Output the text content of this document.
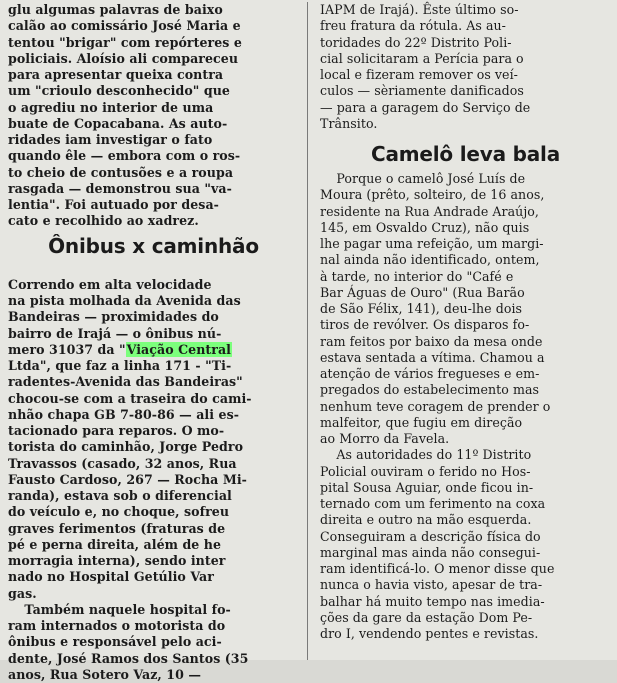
glu algumas palavras de baixo
calão ao comissário José Maria e
tentou "brigar" com repórteres e
policiais. Aloísio ali compareceu
para apresentar queixa contra
um "crioulo desconhecido" que
o agrediu no interior de uma
buate de Copacabana. As auto-
ridades iam investigar o fato
quando êle — embora com o ros-
to cheio de contusões e a roupa
rasgada — demonstrou sua "va-
lentia". Foi autuado por desa-
cato e recolhido ao xadrez.

Ônibus x caminhão

Correndo em alta velocidade
na pista molhada da Avenida das
Bandeiras — proximidades do
bairro de Irajá — o ônibus nú-
mero 31037 da "Viação Central
Ltda", que faz a linha 171 - "Ti-
radentes-Avenida das Bandeiras"
chocou-se com a traseira do cami-
nhão chapa GB 7-80-86 — ali es-
tacionado para reparos. O mo-
torista do caminhão, Jorge Pedro
Travassos (casado, 32 anos, Rua
Fausto Cardoso, 267 — Rocha Mi-
randa), estava sob o diferencial
do veículo e, no choque, sofreu
graves ferimentos (fraturas de
pé e perna direita, além de he
morragia interna), sendo inter
nado no Hospital Getúlio Var
gas.

Também naquele hospital fo-
ram internados o motorista do
ônibus e responsável pelo aci-
dente, José Ramos dos Santos (35
anos, Rua Sotero Vaz, 10 —

IAPM de Irajá). Êste último so-
freu fratura da rótula. As au-
toridades do 22º Distrito Poli-
cial solicitaram a Perícia para o
local e fizeram remover os veí-
culos — sèriamente danificados
— para a garagem do Serviço de
Trânsito.

Camelô leva bala

Porque o camelô José Luís de
Moura (prêto, solteiro, de 16 anos,
residente na Rua Andrade Araújo,
145, em Osvaldo Cruz), não quis
lhe pagar uma refeição, um margi-
nal ainda não identificado, ontem,
à tarde, no interior do "Café e
Bar Águas de Ouro" (Rua Barão
de São Félix, 141), deu-lhe dois
tiros de revólver. Os disparos fo-
ram feitos por baixo da mesa onde
estava sentada a vítima. Chamou a
atenção de vários fregueses e em-
pregados do estabelecimento mas
nenhum teve coragem de prender o
malfeitor, que fugiu em direção
ao Morro da Favela.

As autoridades do 11º Distrito
Policial ouviram o ferido no Hos-
pital Sousa Aguiar, onde ficou in-
ternado com um ferimento na coxa
direita e outro na mão esquerda.
Conseguiram a descrição física do
marginal mas ainda não consegui-
ram identificá-lo. O menor disse que
nunca o havia visto, apesar de tra-
balhar há muito tempo nas imedia-
ções da gare da estação Dom Pe-
dro I, vendendo pentes e revistas.
